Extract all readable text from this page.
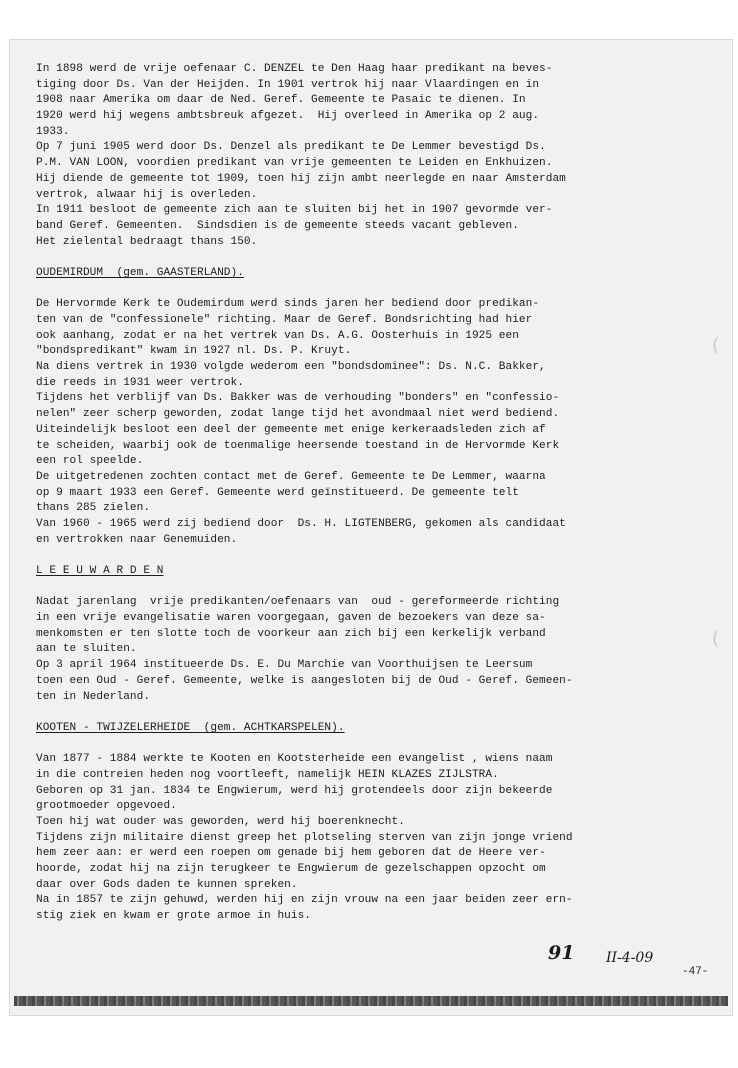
(
(
In 1898 werd de vrije oefenaar C. DENZEL te Den Haag haar predikant na beves-
tiging door Ds. Van der Heijden. In 1901 vertrok hij naar Vlaardingen en in
1908 naar Amerika om daar de Ned. Geref. Gemeente te Pasaic te dienen. In
1920 werd hij wegens ambtsbreuk afgezet.  Hij overleed in Amerika op 2 aug.
1933.
Op 7 juni 1905 werd door Ds. Denzel als predikant te De Lemmer bevestigd Ds.
P.M. VAN LOON, voordien predikant van vrije gemeenten te Leiden en Enkhuizen.
Hij diende de gemeente tot 1909, toen hij zijn ambt neerlegde en naar Amsterdam
vertrok, alwaar hij is overleden.
In 1911 besloot de gemeente zich aan te sluiten bij het in 1907 gevormde ver-
band Geref. Gemeenten.  Sindsdien is de gemeente steeds vacant gebleven.
Het zielental bedraagt thans 150.
OUDEMIRDUM  (gem. GAASTERLAND).
De Hervormde Kerk te Oudemirdum werd sinds jaren her bediend door predikan-
ten van de "confessionele" richting. Maar de Geref. Bondsrichting had hier
ook aanhang, zodat er na het vertrek van Ds. A.G. Oosterhuis in 1925 een
"bondspredikant" kwam in 1927 nl. Ds. P. Kruyt.
Na diens vertrek in 1930 volgde wederom een "bondsdominee": Ds. N.C. Bakker,
die reeds in 1931 weer vertrok.
Tijdens het verblijf van Ds. Bakker was de verhouding "bonders" en "confessio-
nelen" zeer scherp geworden, zodat lange tijd het avondmaal niet werd bediend.
Uiteindelijk besloot een deel der gemeente met enige kerkeraadsleden zich af
te scheiden, waarbij ook de toenmalige heersende toestand in de Hervormde Kerk
een rol speelde.
De uitgetredenen zochten contact met de Geref. Gemeente te De Lemmer, waarna
op 9 maart 1933 een Geref. Gemeente werd geïnstitueerd. De gemeente telt
thans 285 zielen.
Van 1960 - 1965 werd zij bediend door  Ds. H. LIGTENBERG, gekomen als candidaat
en vertrokken naar Genemuiden.
L E E U W A R D E N
Nadat jarenlang  vrije predikanten/oefenaars van  oud - gereformeerde richting
in een vrije evangelisatie waren voorgegaan, gaven de bezoekers van deze sa-
menkomsten er ten slotte toch de voorkeur aan zich bij een kerkelijk verband
aan te sluiten.
Op 3 april 1964 institueerde Ds. E. Du Marchie van Voorthuijsen te Leersum
toen een Oud - Geref. Gemeente, welke is aangesloten bij de Oud - Geref. Gemeen-
ten in Nederland.
KOOTEN - TWIJZELERHEIDE  (gem. ACHTKARSPELEN).
Van 1877 - 1884 werkte te Kooten en Kootsterheide een evangelist , wiens naam
in die contreien heden nog voortleeft, namelijk HEIN KLAZES ZIJLSTRA.
Geboren op 31 jan. 1834 te Engwierum, werd hij grotendeels door zijn bekeerde
grootmoeder opgevoed.
Toen hij wat ouder was geworden, werd hij boerenknecht.
Tijdens zijn militaire dienst greep het plotseling sterven van zijn jonge vriend
hem zeer aan: er werd een roepen om genade bij hem geboren dat de Heere ver-
hoorde, zodat hij na zijn terugkeer te Engwierum de gezelschappen opzocht om
daar over Gods daden te kunnen spreken.
Na in 1857 te zijn gehuwd, werden hij en zijn vrouw na een jaar beiden zeer ern-
stig ziek en kwam er grote armoe in huis.
91 II-4-09
-47-
